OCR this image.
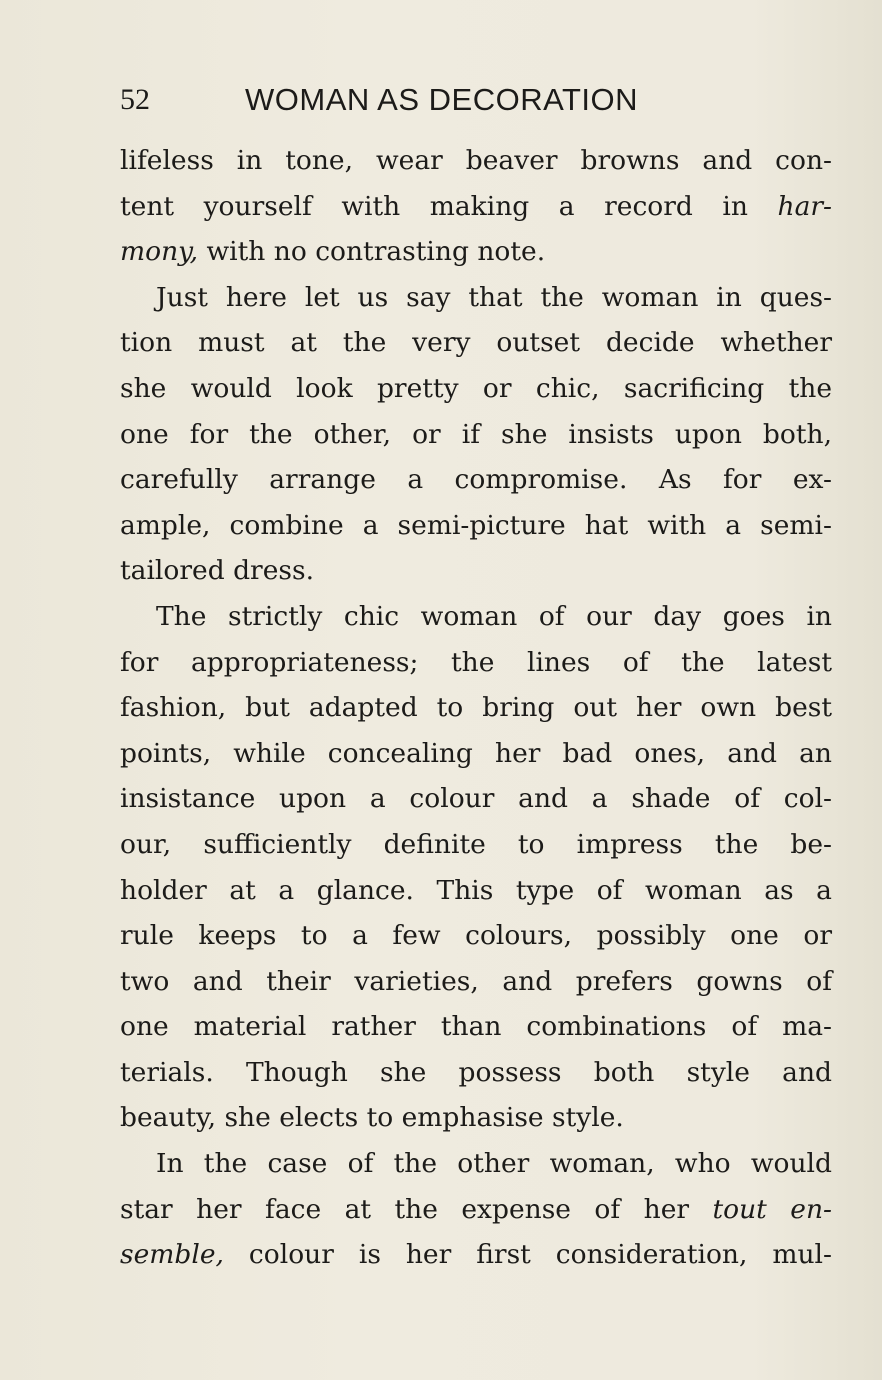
52	WOMAN AS DECORATION
lifeless in tone, wear beaver browns and con-
tent yourself with making a record in har-
mony, with no contrasting note.
Just here let us say that the woman in ques-
tion must at the very outset decide whether
she would look pretty or chic, sacrificing the
one for the other, or if she insists upon both,
carefully arrange a compromise. As for ex-
ample, combine a semi-picture hat with a semi-
tailored dress.
The strictly chic woman of our day goes in
for appropriateness; the lines of the latest
fashion, but adapted to bring out her own best
points, while concealing her bad ones, and an
insistance upon a colour and a shade of col-
our, sufficiently definite to impress the be-
holder at a glance. This type of woman as a
rule keeps to a few colours, possibly one or
two and their varieties, and prefers gowns of
one material rather than combinations of ma-
terials. Though she possess both style and
beauty, she elects to emphasise style.
In the case of the other woman, who would
star her face at the expense of her tout en-
semble, colour is her first consideration, mul-
